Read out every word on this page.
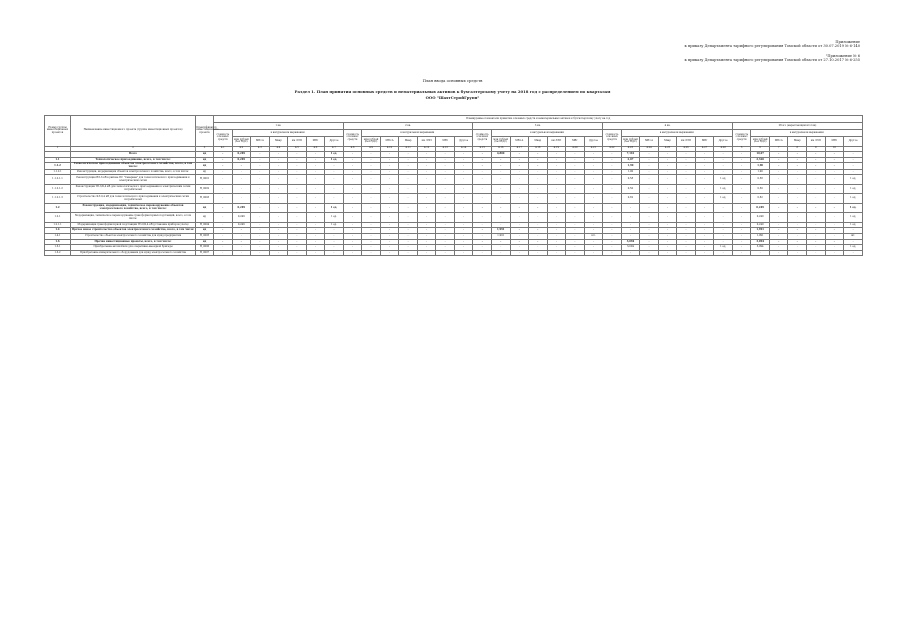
Приложение
к приказу Департамента тарифного регулирования Томской области от 30.07.2019 № 6-140
"Приложение № 6
к приказу Департамента тарифного регулирования Томской области от 27.10.2017 № 6-255
План ввода основных средств
Раздел 1. План принятия основных средств и нематериальных активов к бухгалтерскому учету на 2018 год с распределением по кварталам
ООО "ШахтСтройГрупп"
Номер группы инвестиционных проектов	Наименование инвестиционного проекта (группы инвестиционных проектов)	Идентификатор инвестиционного проекта	Планируемые показатели принятия основных средств и нематериальных активов к бухгалтерскому учету на год																																		
			1 кв.							2 кв.							3 кв.							4 кв.							Итого (нарастающим итогом)						
			стоимость основных средств	в натуральном выражении						стоимость основных средств	в натуральном выражении						стоимость основных средств	в натуральном выражении						стоимость основных средств	в натуральном выражении						стоимость основных средств	в натуральном выражении					
				млн рублей (без НДС)	МВ×А	Мвар	км ЛЭП	МВт	Другое		млн рублей (без НДС)	МВ×А	Мвар	км ЛЭП	МВт	Другое		млн рублей (без НДС)	МВ×А	Мвар	км ЛЭП	МВт	Другое		млн рублей (без НДС)	МВ×А	Мвар	км ЛЭП	МВт	Другое		млн рублей (без НДС)	МВ×А	Мвар	км ЛЭП	МВт	Другое
1	2	3	4.1	4.2	4.3	4.4	4.5	4.6	4.7	4.8	4.9	4.10	4.11	4.12	4.13	4.14	4.15	4.16	4.17	4.18	4.19	4.20	4.21	4.22	4.23	4.24	4.25	4.26	4.27	4.28	5	6	7	8	9	10	
	Всего	нд	-	0,249	-	-	-	-	1 ед.	-	-	-	-	-	-	-	-	4,800	-	-	-	-	-	-	7,110	-	-	-	-	-	-	10,07	-	-	-	-	-
1.1	Технологическое присоединение, всего, в том числе:	нд	-	0,249	-	-	-	-	1 ед.	-	-	-	-	-	-	-	-	-	-	-	-	-	-	-	2,07	-	-	-	-	-	-	2,320	-	-	-	-	-
1.1.2	Технологическое присоединение объектов электросетевого хозяйства, всего, в том числе:	нд	-	-	-	-	-	-	-	-	-	-	-	-	-	-	-	-	-	-	-	-	-	-	1,90	-	-	-	-	-	-	1,90	-	-	-	-	-
1.1.2.1	Реконструкция, модернизация объектов электросетевого хозяйства, всего, в том числе:	нд	-	-	-	-	-	-	-	-	-	-	-	-	-	-	-	-	-	-	-	-	-	-	1,90	-	-	-	-	-	-	1,90	-	-	-	-	-
1.1.2.1.1	Реконструкция ВЛ-6 кВ в районе ПС "Северная" для технологического присоединения к электрическим сетям	Н_0001	-	-	-	-	-	-	-	-	-	-	-	-	-	-	-	-	-	-	-	-	-	-	0,58	-	-	-	-	1 ед.	-	0,58	-	-	-	-	1 ед.
1.1.2.1.2	Реконструкция ТП-6/0,4 кВ для технологического присоединения к электрическим сетям потребителей	Н_0002	-	-	-	-	-	-	-	-	-	-	-	-	-	-	-	-	-	-	-	-	-	-	0,50	-	-	-	-	1 ед.	-	0,50	-	-	-	-	1 ед.
1.1.2.1.3	Строительство КЛ-0,4 кВ для технологического присоединения к электрическим сетям потребителей	Н_0003	-	-	-	-	-	-	-	-	-	-	-	-	-	-	-	-	-	-	-	-	-	-	0,82	-	-	-	-	1 ед.	-	0,82	-	-	-	-	1 ед.
1.2	Реконструкция, модернизация, техническое перевооружение объектов электросетевого хозяйства, всего, в том числе:	нд	-	0,249	-	-	-	-	1 ед.	-	-	-	-	-	-	-	-	-	-	-	-	-	-	-	-	-	-	-	-	-	-	0,249	-	-	-	-	1 ед.
1.2.1	Модернизация, техническое перевооружение трансформаторных подстанций, всего, в том числе:	нд	-	0,249	-	-	-	-	1 ед.	-	-	-	-	-	-	-	-	-	-	-	-	-	-	-	-	-	-	-	-	-	-	0,249	-	-	-	-	1 ед.
1.2.1.1	Модернизация трансформаторной подстанции ТП-6/0,4 кВ (установка приборов учета)	Н_0004	-	0,249	-	-	-	-	1 ед.	-	-	-	-	-	-	-	-	-	-	-	-	-	-	-	-	-	-	-	-	-	-	0,249	-	-	-	-	1 ед.
1.4	Прочее новое строительство объектов электросетевого хозяйства, всего, в том числе:	нд	-	-	-	-	-	-	-	-	-	-	-	-	-	-	-	1,991	-	-	-	-	-	-	-	-	-	-	-	-	-	1,991	-	-	-	-	-
1.4.1	Строительство объектов электросетевого хозяйства для нужд предприятия	Н_0005	-	-	-	-	-	-	-	-	-	-	-	-	-	-	-	1,991	-	-	-	-	шт.	-	-	-	-	-	-	-	-	1,991	-	-	-	-	шт.
1.6	Прочие инвестиционные проекты, всего, в том числе:	нд	-	-	-	-	-	-	-	-	-	-	-	-	-	-	-	-	-	-	-	-	-	-	3,094	-	-	-	-	-	-	3,094	-	-	-	-	-
1.6.1	Приобретение автомобиля для оперативно-выездной бригады	Н_0006	-	-	-	-	-	-	-	-	-	-	-	-	-	-	-	-	-	-	-	-	-	-	3,094	-	-	-	-	1 ед.	-	3,094	-	-	-	-	1 ед.
1.6.2	Приобретение измерительного оборудования для нужд электросетевого хозяйства	Н_0007	-	-	-	-	-	-	-	-	-	-	-	-	-	-	-	-	-	-	-	-	-	-	-	-	-	-	-	-	-	-	-	-	-	-	-
